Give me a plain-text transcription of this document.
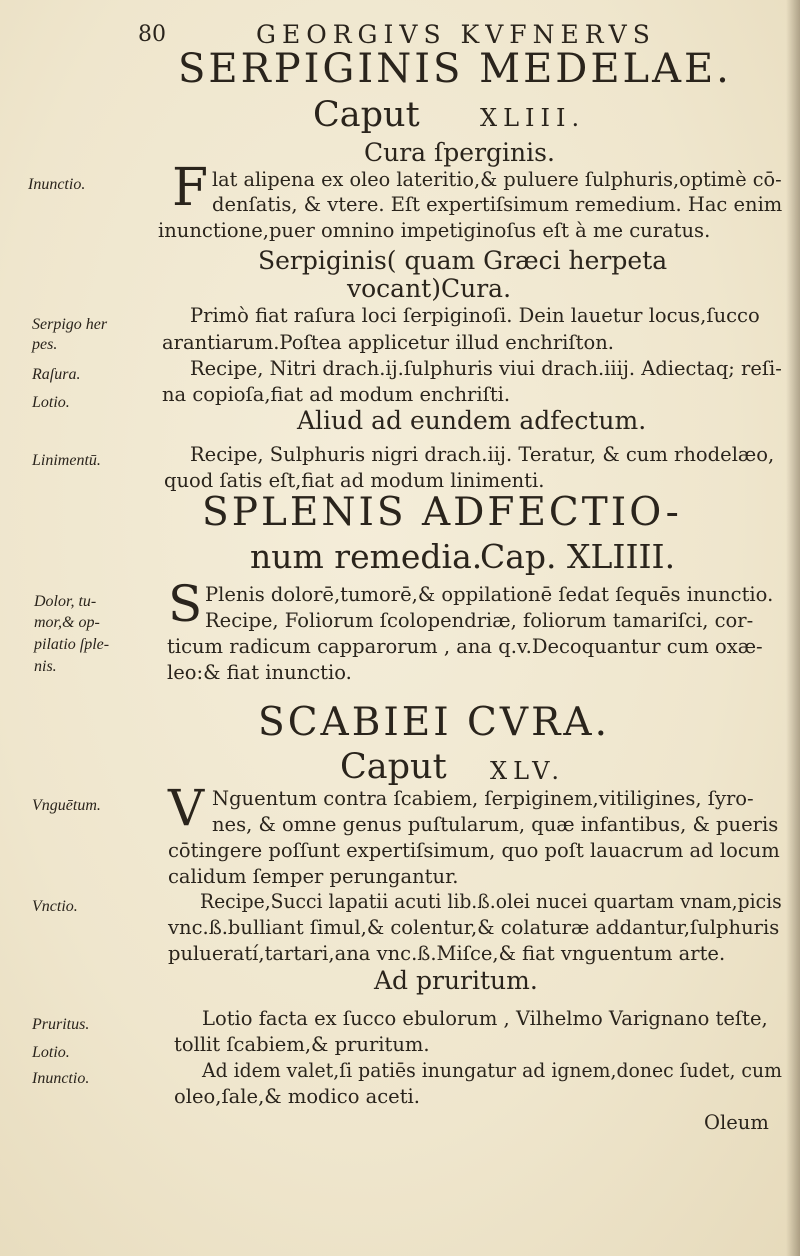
80	GEORGIVS KVFNERVS
SERPIGINIS MEDELAE.
Caput	XLIII.
Cura ſperginis.
Inunctio. F lat alipena ex oleo lateritio,& puluere ſulphuris,optimè cō-
denſatis, & vtere. Eſt expertiſsimum remedium. Hac enim
inunctione,puer omnino impetiginoſus eſt à me curatus.
Serpiginis( quam Græci herpeta
vocant)Cura.
Serpigo her
pes.
Raſura.
Lotio.
Primò fiat raſura loci ſerpiginoſi. Dein lauetur locus,ſucco
arantiarum.Poſtea applicetur illud enchriſton.
Recipe, Nitri drach.ij.ſulphuris viui drach.iiij. Adiectaq; reſi-
na copioſa,fiat ad modum enchriſti.
Aliud ad eundem adfectum.
Linimentū.	Recipe, Sulphuris nigri drach.iij. Teratur, & cum rhodelæo,
quod ſatis eſt,fiat ad modum linimenti.
SPLENIS ADFECTIO-
num remedia.
Cap. XLIIII.
Dolor, tu-
mor,& op-
pilatio ſple-
nis.
S Plenis dolorē,tumorē,& oppilationē ſedat ſequēs inunctio.
Recipe, Foliorum ſcolopendriæ, foliorum tamariſci, cor-
ticum radicum capparorum , ana q.v.Decoquantur cum oxæ-
leo:& fiat inunctio.
SCABIEI CVRA.
Caput XLV.
Vnguētum. V Nguentum contra ſcabiem, ſerpiginem,vitiligines, ſyro-
nes, & omne genus puſtularum, quæ infantibus, & pueris
cōtingere poſſunt expertiſsimum, quo poſt lauacrum ad locum
calidum ſemper perungantur.
Vnctio.	Recipe,Succi lapatii acuti lib.ß.olei nucei quartam vnam,picis
vnc.ß.bulliant ſimul,& colentur,& colaturæ addantur,ſulphuris
pulueratí,tartari,ana vnc.ß.Miſce,& fiat vnguentum arte.
Ad pruritum.
Pruritus.
Lotio.
Inunctio.
Lotio facta ex ſucco ebulorum , Vilhelmo Varignano teſte,
tollit ſcabiem,& pruritum.
Ad idem valet,ſi patiēs inungatur ad ignem,donec ſudet, cum
oleo,ſale,& modico aceti.
Oleum
